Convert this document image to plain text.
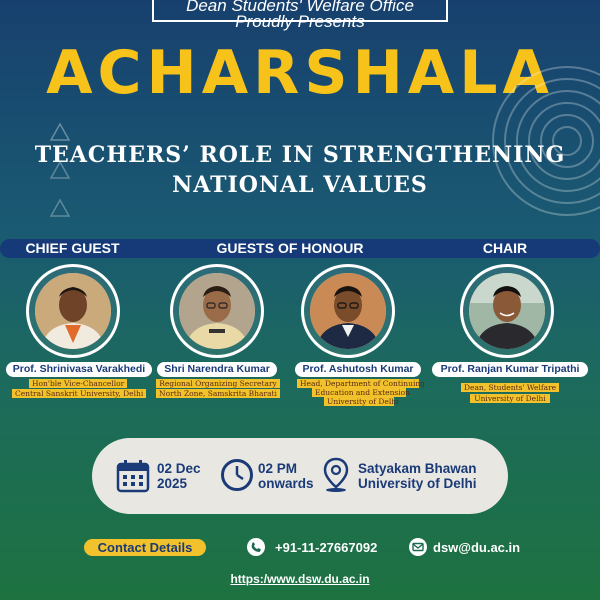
Dean Students' Welfare Office
Proudly Presents
ACHARSHALA
TEACHERS’ ROLE IN STRENGTHENING
NATIONAL VALUES
CHIEF GUEST	GUESTS OF HONOUR	CHAIR
Prof. Shrinivasa Varakhedi
Hon'ble Vice-Chancellor
Central Sanskrit University, Delhi
Shri Narendra Kumar
Regional Organizing Secretary
North Zone, Samskrita Bharati
Prof. Ashutosh Kumar
Head, Department of Continuing
Education and Extension
University of Delhi
Prof. Ranjan Kumar Tripathi
Dean, Students' Welfare
University of Delhi
02 Dec
2025
02 PM
onwards
Satyakam Bhawan
University of Delhi
Contact Details	+91-11-27667092	dsw@du.ac.in
https:/www.dsw.du.ac.in
